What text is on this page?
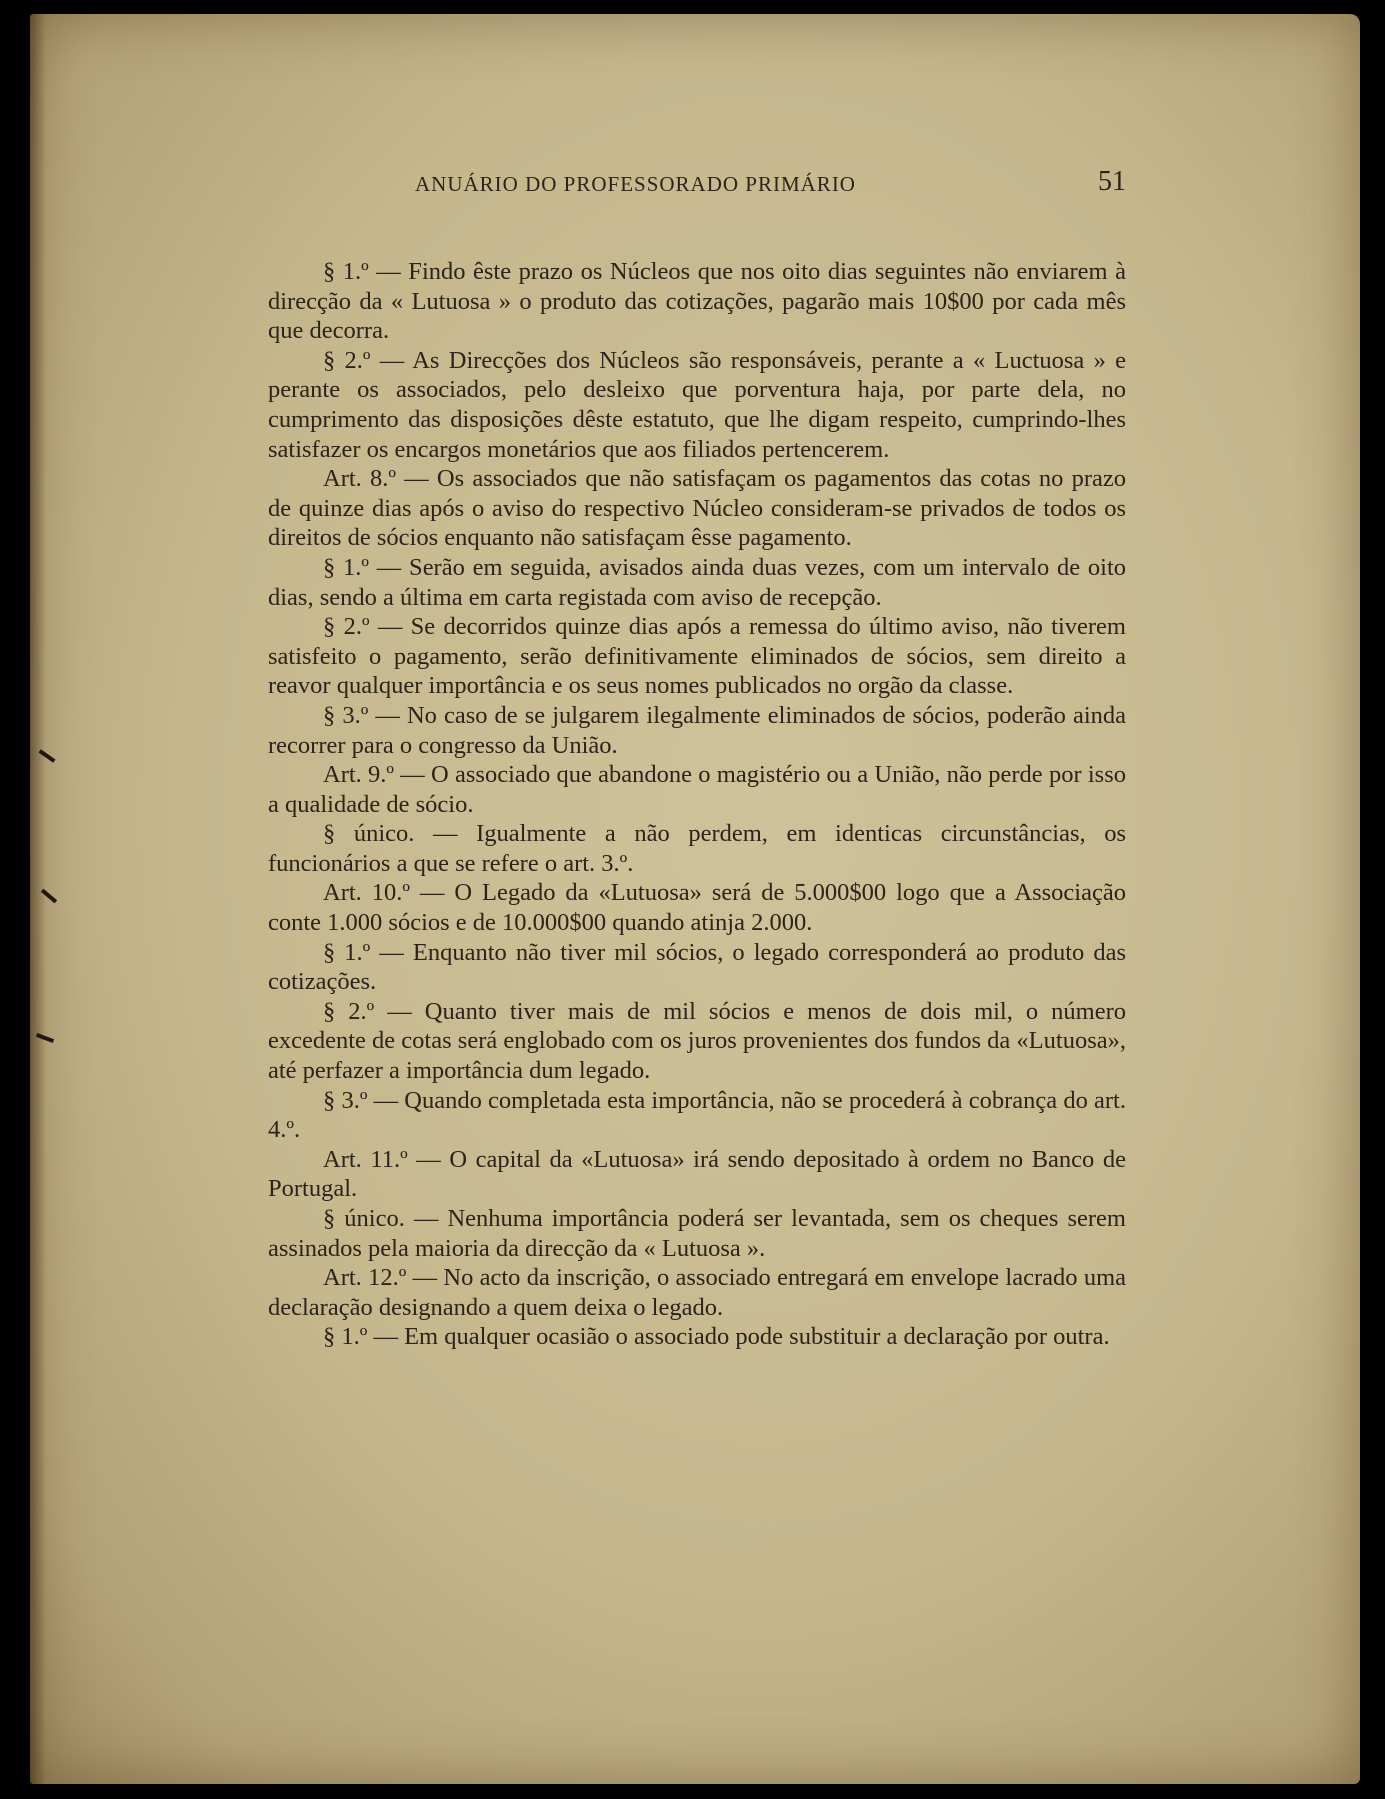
ANUÁRIO DO PROFESSORADO PRIMÁRIO	51

§ 1.º — Findo êste prazo os Núcleos que nos oito dias seguintes não enviarem à direcção da « Lutuosa » o produto das cotizações, pagarão mais 10$00 por cada mês que decorra.

§ 2.º — As Direcções dos Núcleos são responsáveis, perante a « Luctuosa » e perante os associados, pelo desleixo que porventura haja, por parte dela, no cumprimento das disposições dêste estatuto, que lhe digam respeito, cumprindo-lhes satisfazer os encargos monetários que aos filiados pertencerem.

Art. 8.º — Os associados que não satisfaçam os pagamentos das cotas no prazo de quinze dias após o aviso do respectivo Núcleo consideram-se privados de todos os direitos de sócios enquanto não satisfaçam êsse pagamento.

§ 1.º — Serão em seguida, avisados ainda duas vezes, com um intervalo de oito dias, sendo a última em carta registada com aviso de recepção.

§ 2.º — Se decorridos quinze dias após a remessa do último aviso, não tiverem satisfeito o pagamento, serão definitivamente eliminados de sócios, sem direito a reavor qualquer importância e os seus nomes publicados no orgão da classe.

§ 3.º — No caso de se julgarem ilegalmente eliminados de sócios, poderão ainda recorrer para o congresso da União.

Art. 9.º — O associado que abandone o magistério ou a União, não perde por isso a qualidade de sócio.

§ único. — Igualmente a não perdem, em identicas circunstâncias, os funcionários a que se refere o art. 3.º.

Art. 10.º — O Legado da «Lutuosa» será de 5.000$00 logo que a Associação conte 1.000 sócios e de 10.000$00 quando atinja 2.000.

§ 1.º — Enquanto não tiver mil sócios, o legado corresponderá ao produto das cotizações.

§ 2.º — Quanto tiver mais de mil sócios e menos de dois mil, o número excedente de cotas será englobado com os juros provenientes dos fundos da «Lutuosa», até perfazer a importância dum legado.

§ 3.º — Quando completada esta importância, não se procederá à cobrança do art. 4.º.

Art. 11.º — O capital da «Lutuosa» irá sendo depositado à ordem no Banco de Portugal.

§ único. — Nenhuma importância poderá ser levantada, sem os cheques serem assinados pela maioria da direcção da « Lutuosa ».

Art. 12.º — No acto da inscrição, o associado entregará em envelope lacrado uma declaração designando a quem deixa o legado.

§ 1.º — Em qualquer ocasião o associado pode substituir a declaração por outra.
